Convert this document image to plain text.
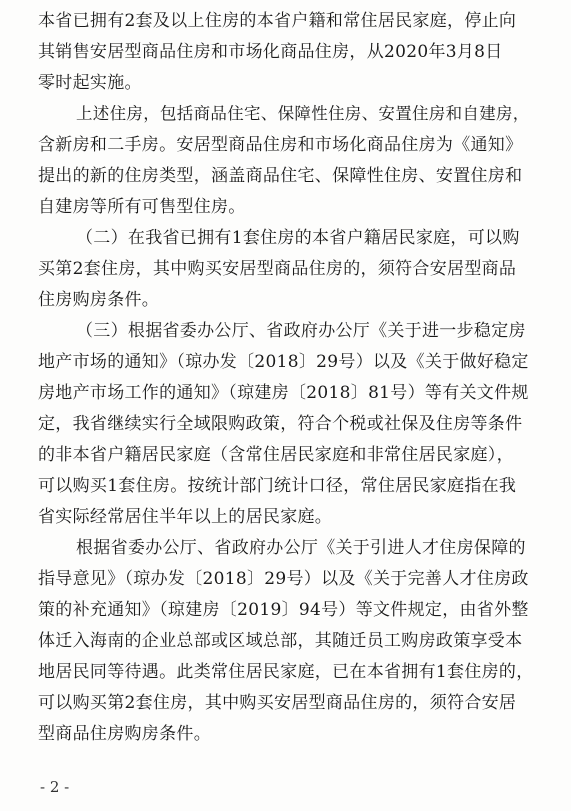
本省已拥有2套及以上住房的本省户籍和常住居民家庭，停止向
其销售安居型商品住房和市场化商品住房，从2020年3月8日
零时起实施。
上述住房，包括商品住宅、保障性住房、安置住房和自建房，
含新房和二手房。安居型商品住房和市场化商品住房为《通知》
提出的新的住房类型，涵盖商品住宅、保障性住房、安置住房和
自建房等所有可售型住房。
（二）在我省已拥有1套住房的本省户籍居民家庭，可以购
买第2套住房，其中购买安居型商品住房的，须符合安居型商品
住房购房条件。
（三）根据省委办公厅、省政府办公厅《关于进一步稳定房
地产市场的通知》（琼办发〔2018〕29号）以及《关于做好稳定
房地产市场工作的通知》（琼建房〔2018〕81号）等有关文件规
定，我省继续实行全域限购政策，符合个税或社保及住房等条件
的非本省户籍居民家庭（含常住居民家庭和非常住居民家庭），
可以购买1套住房。按统计部门统计口径，常住居民家庭指在我
省实际经常居住半年以上的居民家庭。
根据省委办公厅、省政府办公厅《关于引进人才住房保障的
指导意见》（琼办发〔2018〕29号）以及《关于完善人才住房政
策的补充通知》（琼建房〔2019〕94号）等文件规定，由省外整
体迁入海南的企业总部或区域总部，其随迁员工购房政策享受本
地居民同等待遇。此类常住居民家庭，已在本省拥有1套住房的，
可以购买第2套住房，其中购买安居型商品住房的，须符合安居
型商品住房购房条件。
- 2 -
